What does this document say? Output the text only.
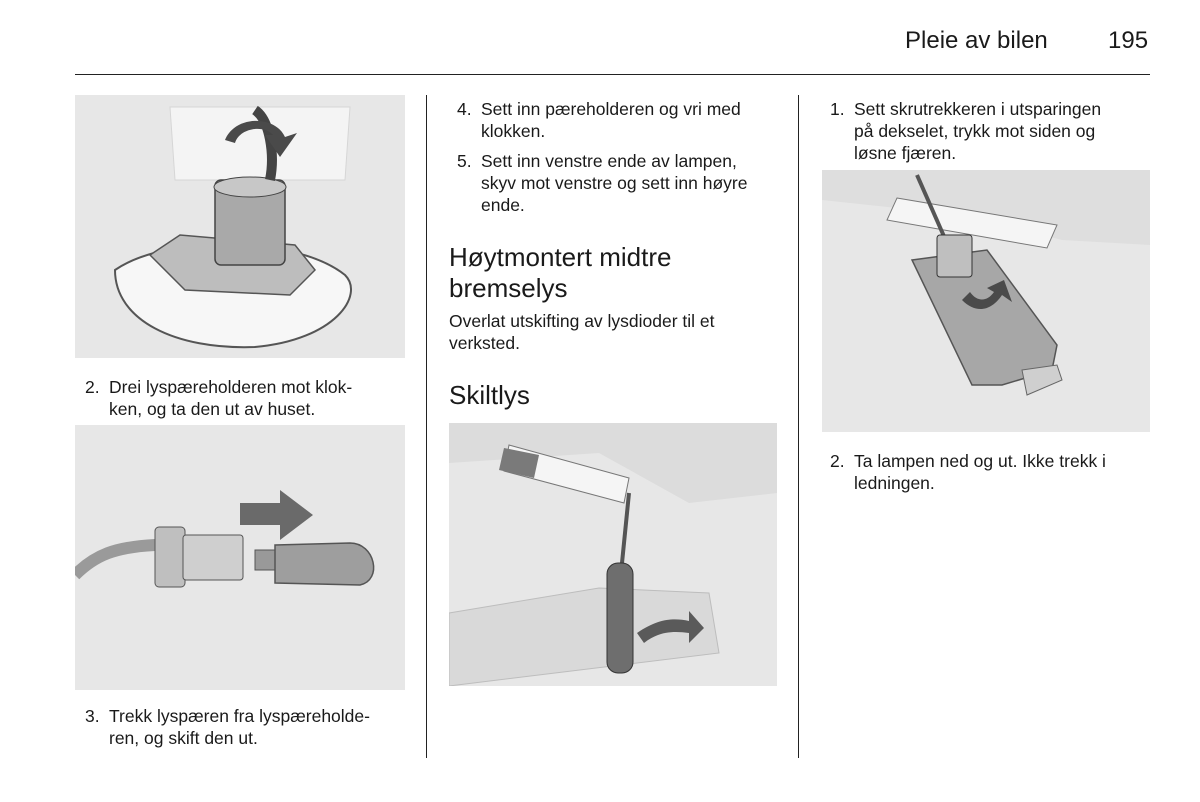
Pleie av bilen	195
2. Drei lyspæreholderen mot klok-
ken, og ta den ut av huset.
3. Trekk lyspæren fra lyspæreholde-
ren, og skift den ut.
4. Sett inn pæreholderen og vri med
klokken.
5. Sett inn venstre ende av lampen,
skyv mot venstre og sett inn høyre
ende.
Høytmontert midtre
bremselys
Overlat utskifting av lysdioder til et
verksted.
Skiltlys
1. Sett skrutrekkeren i utsparingen
på dekselet, trykk mot siden og
løsne fjæren.
2. Ta lampen ned og ut. Ikke trekk i
ledningen.
